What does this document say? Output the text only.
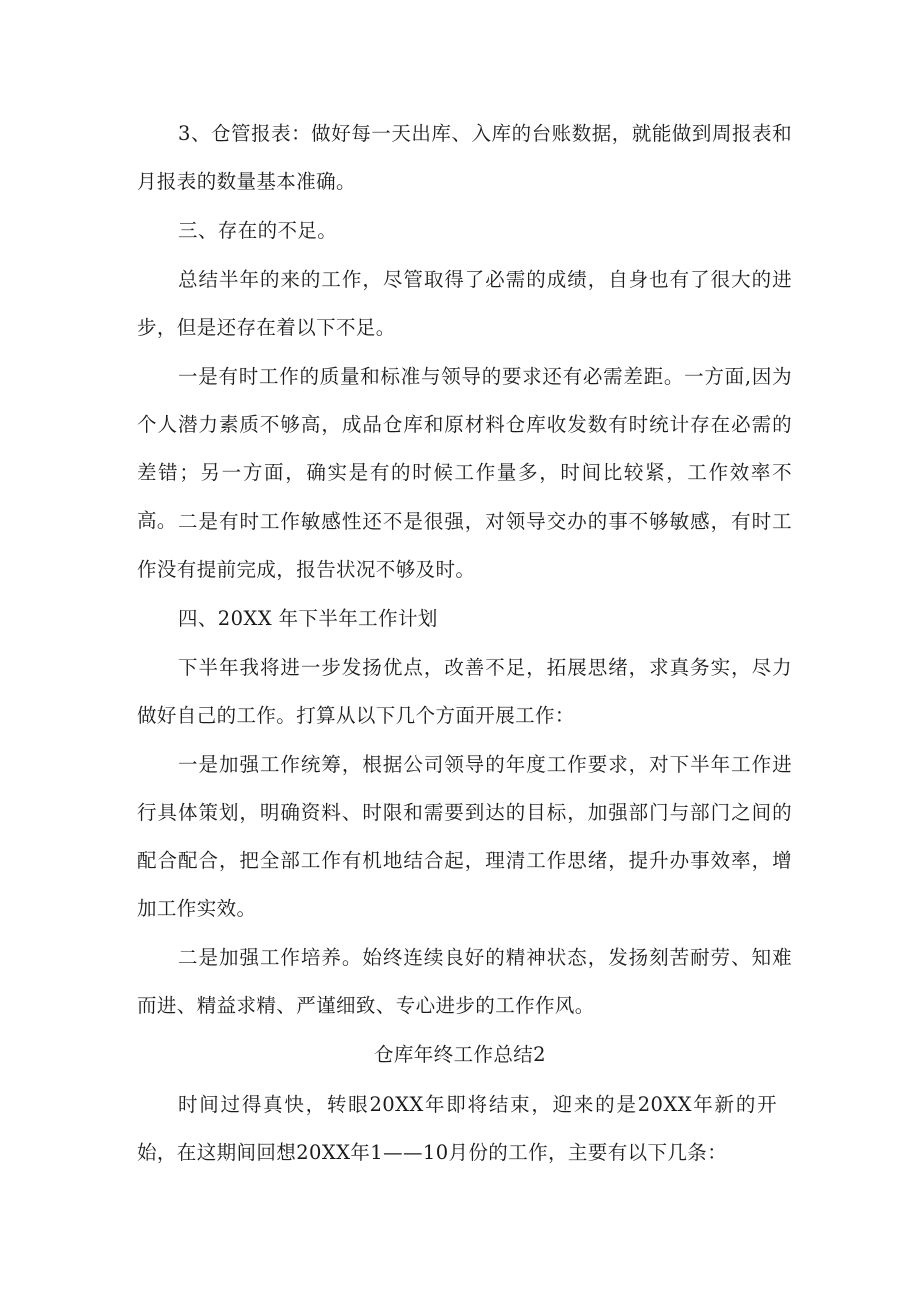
3、仓管报表：做好每一天出库、入库的台账数据，就能做到周报表和月报表的数量基本准确。

三、存在的不足。

总结半年的来的工作，尽管取得了必需的成绩，自身也有了很大的进步，但是还存在着以下不足。

一是有时工作的质量和标准与领导的要求还有必需差距。一方面,因为个人潜力素质不够高，成品仓库和原材料仓库收发数有时统计存在必需的差错；另一方面，确实是有的时候工作量多，时间比较紧，工作效率不高。 二是有时工作敏感性还不是很强，对领导交办的事不够敏感，有时工作没有提前完成，报告状况不够及时。

四、20XX 年下半年工作计划

下半年我将进一步发扬优点，改善不足，拓展思绪，求真务实，尽力做好自己的工作。打算从以下几个方面开展工作：

一是加强工作统筹，根据公司领导的年度工作要求，对下半年工作进行具体策划，明确资料、时限和需要到达的目标，加强部门与部门之间的配合配合，把全部工作有机地结合起，理清工作思绪，提升办事效率，增加工作实效。

二是加强工作培养。始终连续良好的精神状态，发扬刻苦耐劳、知难而进、精益求精、严谨细致、专心进步的工作作风。

仓库年终工作总结2

时间过得真快，转眼20XX年即将结束，迎来的是20XX年新的开始，在这期间回想20XX年1——10月份的工作，主要有以下几条：
